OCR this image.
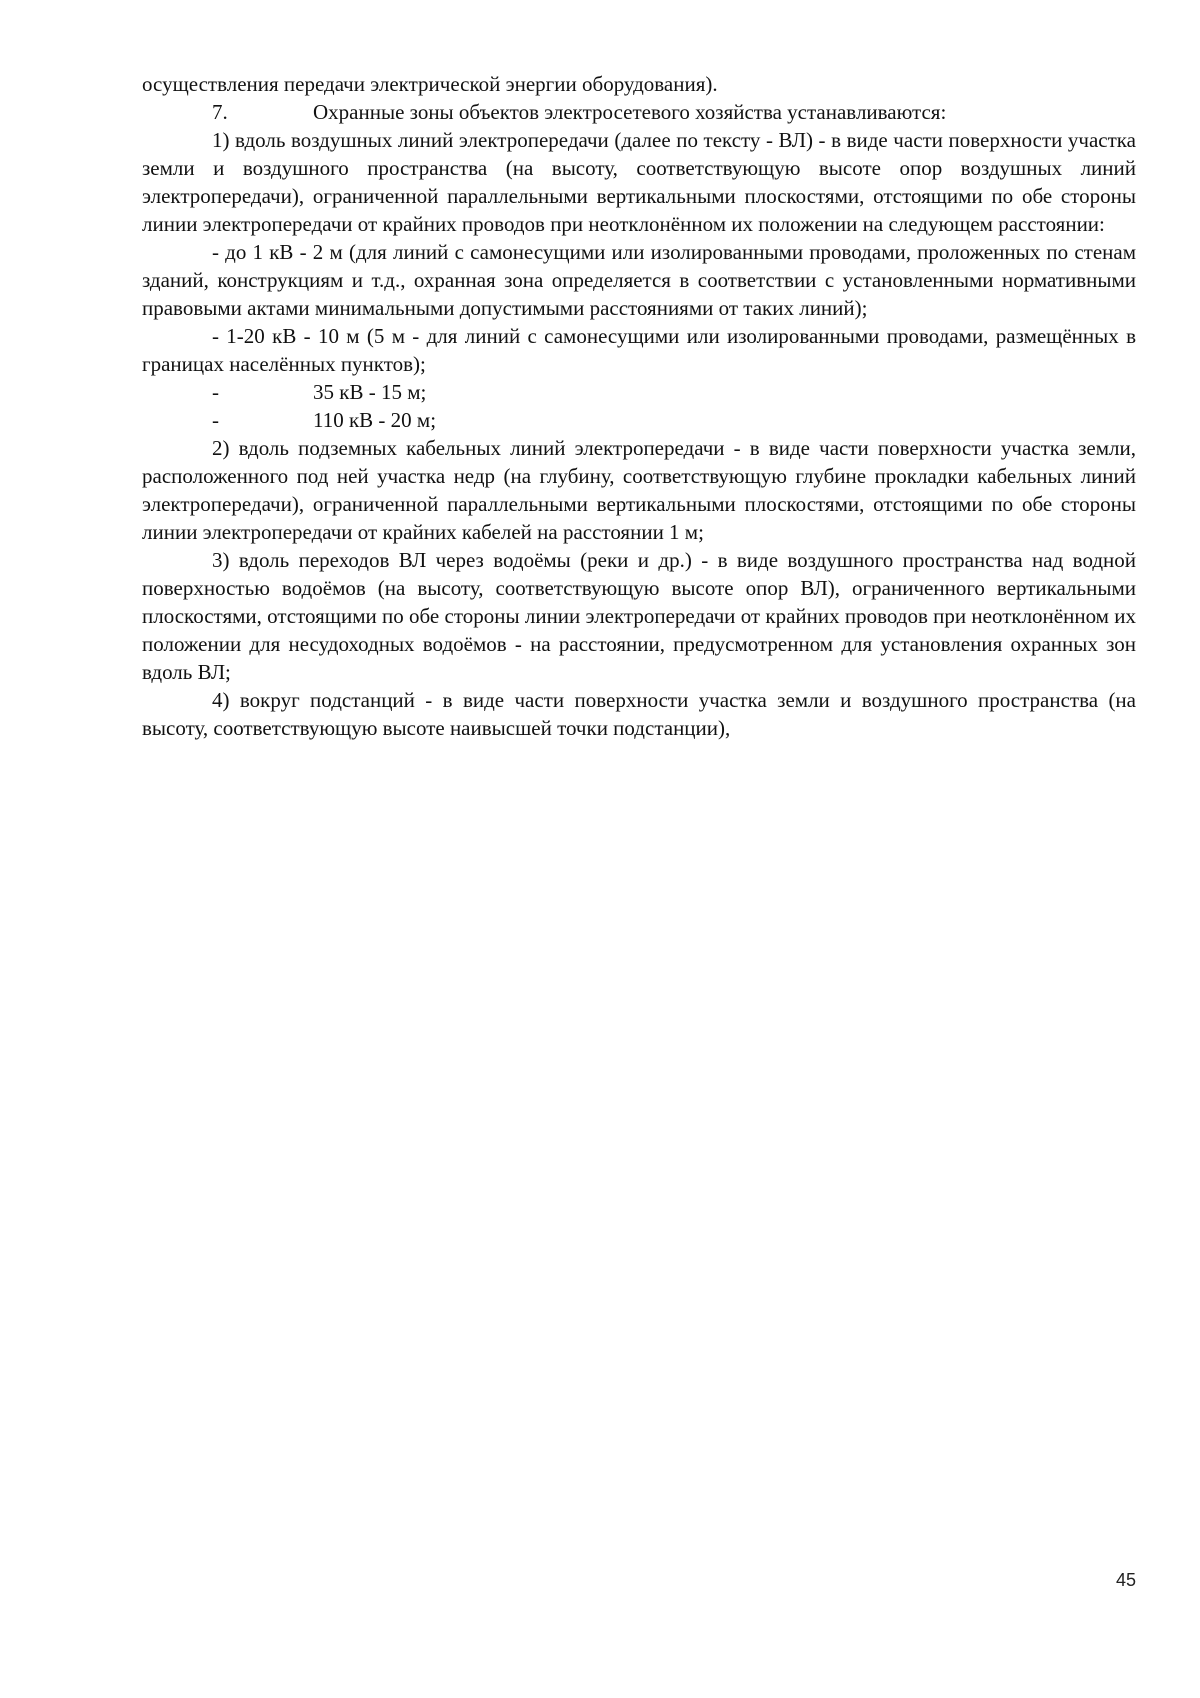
осуществления передачи электрической энергии оборудования).

7.	Охранные зоны объектов электросетевого хозяйства устанавливаются:

1) вдоль воздушных линий электропередачи (далее по тексту - ВЛ) - в виде части поверхности участка земли и воздушного пространства (на высоту, соответствующую высоте опор воздушных линий электропередачи), ограниченной параллельными вертикальными плоскостями, отстоящими по обе стороны линии электропередачи от крайних проводов при неотклонённом их положении на следующем расстоянии:

- до 1 кВ - 2 м (для линий с самонесущими или изолированными проводами, проложенных по стенам зданий, конструкциям и т.д., охранная зона определяется в соответствии с установленными нормативными правовыми актами минимальными допустимыми расстояниями от таких линий);

- 1-20 кВ - 10 м (5 м - для линий с самонесущими или изолированными проводами, размещённых в границах населённых пунктов);

-	35 кВ - 15 м;
-	110 кВ - 20 м;

2) вдоль подземных кабельных линий электропередачи - в виде части поверхности участка земли, расположенного под ней участка недр (на глубину, соответствующую глубине прокладки кабельных линий электропередачи), ограниченной параллельными вертикальными плоскостями, отстоящими по обе стороны линии электропередачи от крайних кабелей на расстоянии 1 м;

3) вдоль переходов ВЛ через водоёмы (реки и др.) - в виде воздушного пространства над водной поверхностью водоёмов (на высоту, соответствующую высоте опор ВЛ), ограниченного вертикальными плоскостями, отстоящими по обе стороны линии электропередачи от крайних проводов при неотклонённом их положении для несудоходных водоёмов - на расстоянии, предусмотренном для установления охранных зон вдоль ВЛ;

4) вокруг подстанций - в виде части поверхности участка земли и воздушного пространства (на высоту, соответствующую высоте наивысшей точки подстанции),

45
